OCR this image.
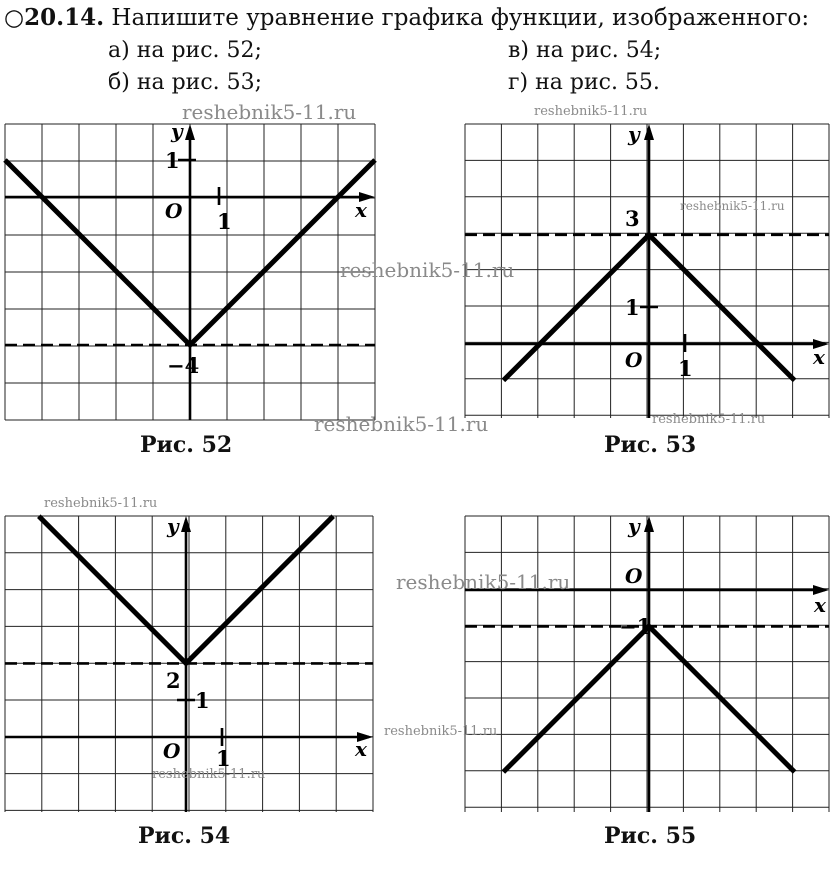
○20.14. Напишите уравнение графика функции, изображенного:
а) на рис. 52;
б) на рис. 53;
в) на рис. 54;
г) на рис. 55.
1
1
−4
O	x
y
Рис. 52
3
1
1
O	x
y
Рис. 53
2
1
1
O	x
y
Рис. 54
−1
O
x
y
Рис. 55
reshebnik5-11.ru	reshebnik5-11.ru
reshebnik5-11.ru
reshebnik5-11.ru
reshebnik5-11.ru	reshebnik5-11.ru
reshebnik5-11.ru
reshebnik5-11.ru
reshebnik5-11.ru
reshebnik5-11.ru
